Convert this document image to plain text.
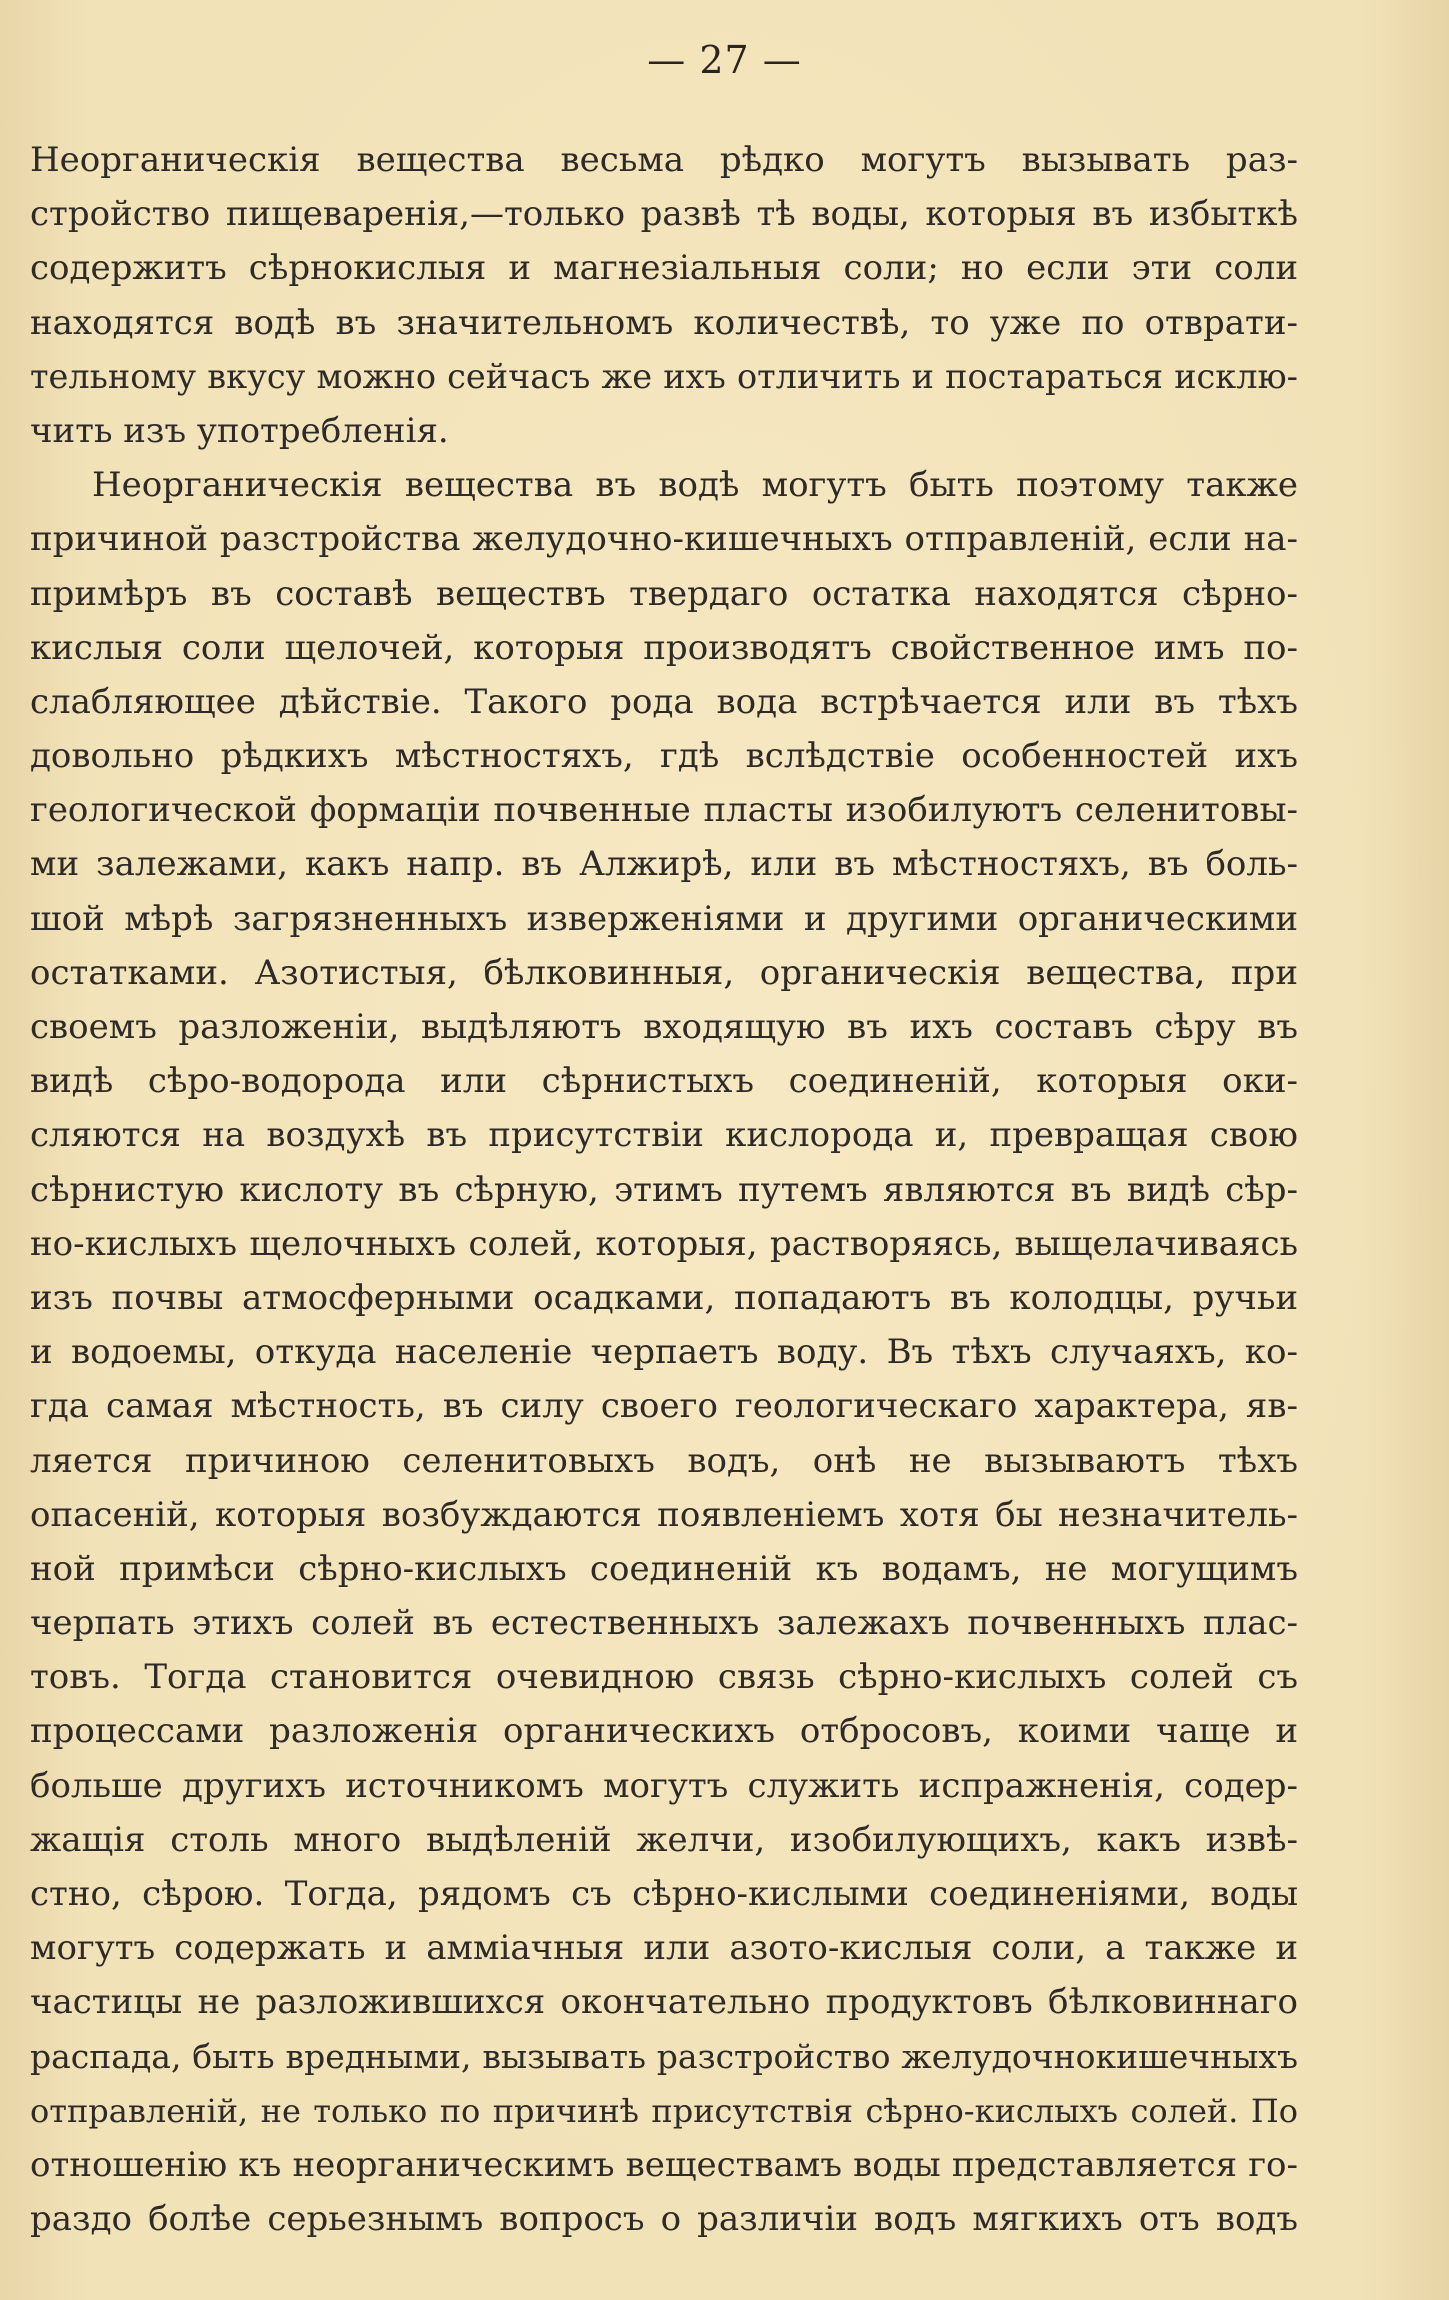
— 27 —
Неорганическія вещества весьма рѣдко могутъ вызывать раз-
стройство пищеваренія,—только развѣ тѣ воды, которыя въ избыткѣ
содержитъ сѣрнокислыя и магнезіальныя соли; но если эти соли
находятся водѣ въ значительномъ количествѣ, то уже по отврати-
тельному вкусу можно сейчасъ же ихъ отличить и постараться исклю-
чить изъ употребленія.
Неорганическія вещества въ водѣ могутъ быть поэтому также
причиной разстройства желудочно-кишечныхъ отправленій, если на-
примѣръ въ составѣ веществъ твердаго остатка находятся сѣрно-
кислыя соли щелочей, которыя производятъ свойственное имъ по-
слабляющее дѣйствіе. Такого рода вода встрѣчается или въ тѣхъ
довольно рѣдкихъ мѣстностяхъ, гдѣ вслѣдствіе особенностей ихъ
геологической формаціи почвенные пласты изобилуютъ селенитовы-
ми залежами, какъ напр. въ Алжирѣ, или въ мѣстностяхъ, въ боль-
шой мѣрѣ загрязненныхъ изверженіями и другими органическими
остатками. Азотистыя, бѣлковинныя, органическія вещества, при
своемъ разложеніи, выдѣляютъ входящую въ ихъ составъ сѣру въ
видѣ сѣро-водорода или сѣрнистыхъ соединеній, которыя оки-
сляются на воздухѣ въ присутствіи кислорода и, превращая свою
сѣрнистую кислоту въ сѣрную, этимъ путемъ являются въ видѣ сѣр-
но-кислыхъ щелочныхъ солей, которыя, растворяясь, выщелачиваясь
изъ почвы атмосферными осадками, попадаютъ въ колодцы, ручьи
и водоемы, откуда населеніе черпаетъ воду. Въ тѣхъ случаяхъ, ко-
гда самая мѣстность, въ силу своего геологическаго характера, яв-
ляется причиною селенитовыхъ водъ, онѣ не вызываютъ тѣхъ
опасеній, которыя возбуждаются появленіемъ хотя бы незначитель-
ной примѣси сѣрно-кислыхъ соединеній къ водамъ, не могущимъ
черпать этихъ солей въ естественныхъ залежахъ почвенныхъ плас-
товъ. Тогда становится очевидною связь сѣрно-кислыхъ солей съ
процессами разложенія органическихъ отбросовъ, коими чаще и
больше другихъ источникомъ могутъ служить испражненія, содер-
жащія столь много выдѣленій желчи, изобилующихъ, какъ извѣ-
стно, сѣрою. Тогда, рядомъ съ сѣрно-кислыми соединеніями, воды
могутъ содержать и амміачныя или азото-кислыя соли, а также и
частицы не разложившихся окончательно продуктовъ бѣлковиннаго
распада, быть вредными, вызывать разстройство желудочнокишечныхъ
отправленій, не только по причинѣ присутствія сѣрно-кислыхъ солей. По
отношенію къ неорганическимъ веществамъ воды представляется го-
раздо болѣе серьезнымъ вопросъ о различіи водъ мягкихъ отъ водъ
